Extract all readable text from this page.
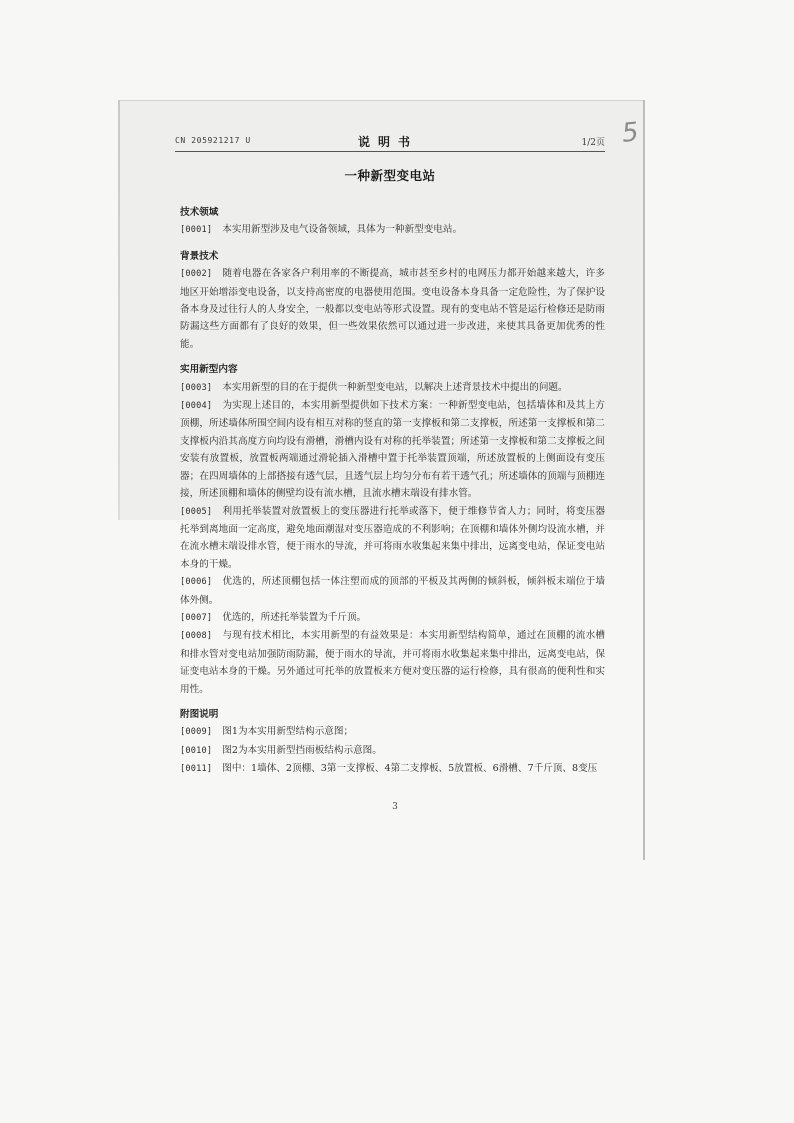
CN 205921217 U	说明书	1/2页 5
一种新型变电站
技术领域

[0001] 本实用新型涉及电气设备领域，具体为一种新型变电站。

背景技术

[0002] 随着电器在各家各户利用率的不断提高，城市甚至乡村的电网压力都开始越来越大，许多地区开始增添变电设备，以支持高密度的电器使用范围。变电设备本身具备一定危险性，为了保护设备本身及过往行人的人身安全，一般都以变电站等形式设置。现有的变电站不管是运行检修还是防雨防漏这些方面都有了良好的效果，但一些效果依然可以通过进一步改进，来使其具备更加优秀的性能。

实用新型内容

[0003] 本实用新型的目的在于提供一种新型变电站，以解决上述背景技术中提出的问题。

[0004] 为实现上述目的，本实用新型提供如下技术方案：一种新型变电站，包括墙体和及其上方顶棚，所述墙体所围空间内设有相互对称的竖直的第一支撑板和第二支撑板，所述第一支撑板和第二支撑板内沿其高度方向均设有滑槽，滑槽内设有对称的托举装置；所述第一支撑板和第二支撑板之间安装有放置板，放置板两端通过滑轮插入滑槽中置于托举装置顶端，所述放置板的上侧面设有变压器；在四周墙体的上部搭接有透气层，且透气层上均匀分布有若干透气孔；所述墙体的顶端与顶棚连接，所述顶棚和墙体的侧壁均设有流水槽，且流水槽末端设有排水管。

[0005] 利用托举装置对放置板上的变压器进行托举或落下，便于维修节省人力；同时，将变压器托举到离地面一定高度，避免地面潮湿对变压器造成的不利影响；在顶棚和墙体外侧均设流水槽，并在流水槽末端设排水管，便于雨水的导流，并可将雨水收集起来集中排出，远离变电站，保证变电站本身的干燥。

[0006] 优选的，所述顶棚包括一体注塑而成的顶部的平板及其两侧的倾斜板，倾斜板末端位于墙体外侧。

[0007] 优选的，所述托举装置为千斤顶。

[0008] 与现有技术相比，本实用新型的有益效果是：本实用新型结构简单，通过在顶棚的流水槽和排水管对变电站加强防雨防漏，便于雨水的导流，并可将雨水收集起来集中排出，远离变电站，保证变电站本身的干燥。另外通过可托举的放置板来方便对变压器的运行检修，具有很高的便利性和实用性。

附图说明

[0009] 图1为本实用新型结构示意图；

[0010] 图2为本实用新型挡雨板结构示意图。

[0011] 图中：1墙体、2顶棚、3第一支撑板、4第二支撑板、5放置板、6滑槽、7千斤顶、8变压

3
